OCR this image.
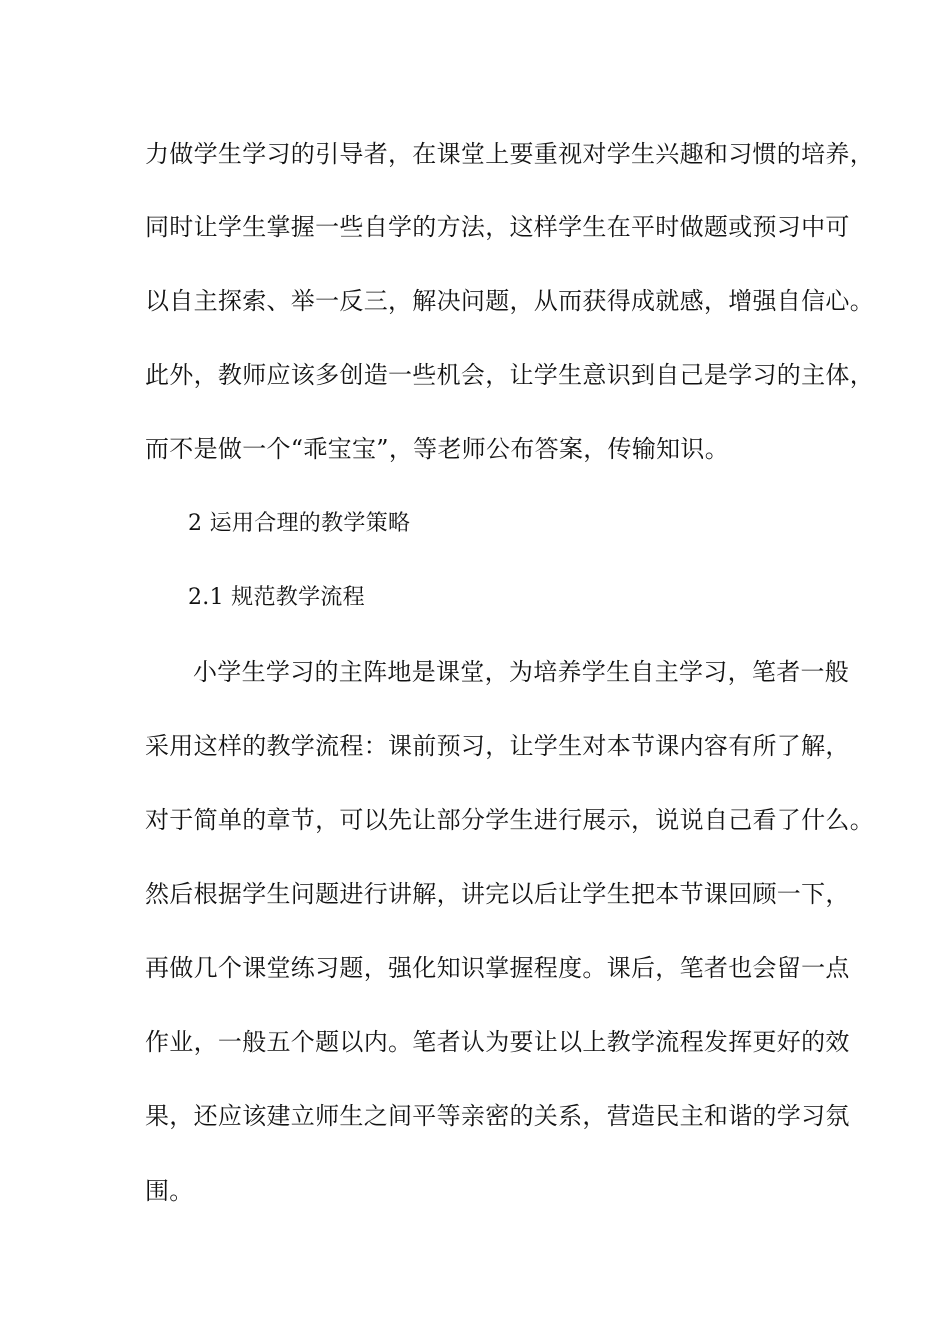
力做学生学习的引导者，在课堂上要重视对学生兴趣和习惯的培养，
同时让学生掌握一些自学的方法，这样学生在平时做题或预习中可
以自主探索、举一反三，解决问题，从而获得成就感，增强自信心。
此外，教师应该多创造一些机会，让学生意识到自己是学习的主体，
而不是做一个“乖宝宝”，等老师公布答案，传输知识。
2 运用合理的教学策略
2.1 规范教学流程
小学生学习的主阵地是课堂，为培养学生自主学习，笔者一般
采用这样的教学流程：课前预习，让学生对本节课内容有所了解，
对于简单的章节，可以先让部分学生进行展示，说说自己看了什么。
然后根据学生问题进行讲解，讲完以后让学生把本节课回顾一下，
再做几个课堂练习题，强化知识掌握程度。课后，笔者也会留一点
作业，一般五个题以内。笔者认为要让以上教学流程发挥更好的效
果，还应该建立师生之间平等亲密的关系，营造民主和谐的学习氛
围。
